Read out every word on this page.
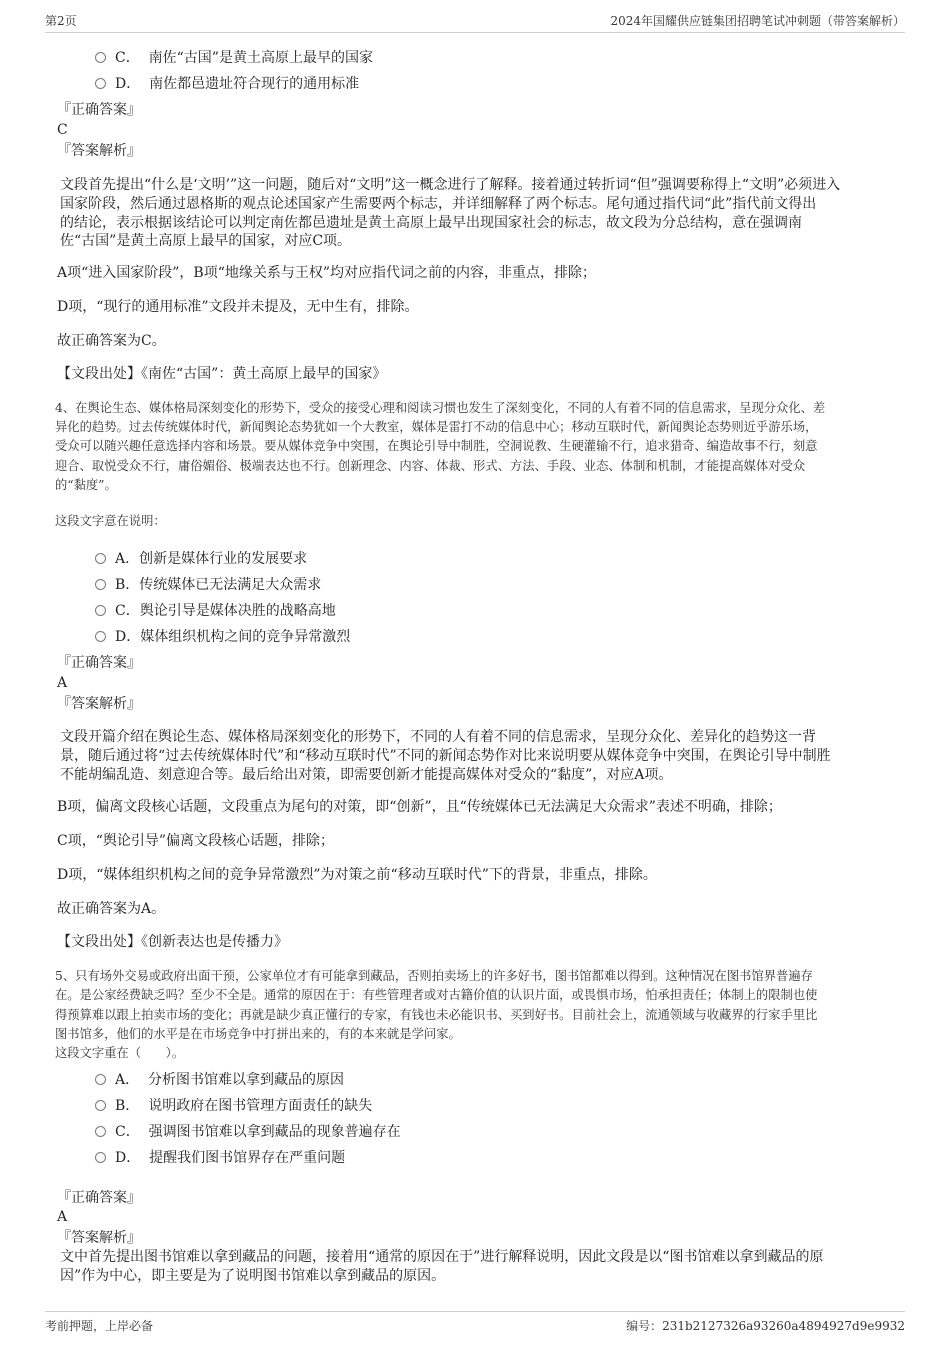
第2页	2024年国耀供应链集团招聘笔试冲刺题（带答案解析）
C． 南佐“古国”是黄土高原上最早的国家
D． 南佐都邑遗址符合现行的通用标准
『正确答案』
C
『答案解析』
文段首先提出“什么是‘文明’”这一问题，随后对“文明”这一概念进行了解释。接着通过转折词“但”强调要称得上“文明”必须进入
国家阶段，然后通过恩格斯的观点论述国家产生需要两个标志，并详细解释了两个标志。尾句通过指代词“此”指代前文得出
的结论，表示根据该结论可以判定南佐都邑遗址是黄土高原上最早出现国家社会的标志，故文段为分总结构，意在强调南
佐“古国”是黄土高原上最早的国家，对应C项。
A项“进入国家阶段”，B项“地缘关系与王权”均对应指代词之前的内容，非重点，排除；
D项，“现行的通用标准”文段并未提及，无中生有，排除。
故正确答案为C。
【文段出处】《南佐“古国”：黄土高原上最早的国家》
4、在舆论生态、媒体格局深刻变化的形势下，受众的接受心理和阅读习惯也发生了深刻变化，不同的人有着不同的信息需求，呈现分众化、差
异化的趋势。过去传统媒体时代，新闻舆论态势犹如一个大教室，媒体是雷打不动的信息中心；移动互联时代，新闻舆论态势则近乎游乐场，
受众可以随兴趣任意选择内容和场景。要从媒体竞争中突围，在舆论引导中制胜，空洞说教、生硬灌输不行，追求猎奇、编造故事不行，刻意
迎合、取悦受众不行，庸俗媚俗、极端表达也不行。创新理念、内容、体裁、形式、方法、手段、业态、体制和机制，才能提高媒体对受众
的“黏度”。
这段文字意在说明：
A．创新是媒体行业的发展要求
B．传统媒体已无法满足大众需求
C．舆论引导是媒体决胜的战略高地
D．媒体组织机构之间的竞争异常激烈
『正确答案』
A
『答案解析』
文段开篇介绍在舆论生态、媒体格局深刻变化的形势下，不同的人有着不同的信息需求，呈现分众化、差异化的趋势这一背
景，随后通过将“过去传统媒体时代”和“移动互联时代”不同的新闻态势作对比来说明要从媒体竞争中突围，在舆论引导中制胜
不能胡编乱造、刻意迎合等。最后给出对策，即需要创新才能提高媒体对受众的“黏度”，对应A项。
B项，偏离文段核心话题，文段重点为尾句的对策，即“创新”，且“传统媒体已无法满足大众需求”表述不明确，排除；
C项，“舆论引导”偏离文段核心话题，排除；
D项，“媒体组织机构之间的竞争异常激烈”为对策之前“移动互联时代”下的背景，非重点，排除。
故正确答案为A。
【文段出处】《创新表达也是传播力》
5、只有场外交易或政府出面干预，公家单位才有可能拿到藏品，否则拍卖场上的许多好书，图书馆都难以得到。这种情况在图书馆界普遍存
在。是公家经费缺乏吗？至少不全是。通常的原因在于：有些管理者或对古籍价值的认识片面，或畏惧市场，怕承担责任；体制上的限制也使
得预算难以跟上拍卖市场的变化；再就是缺少真正懂行的专家，有钱也未必能识书、买到好书。目前社会上，流通领域与收藏界的行家手里比
图书馆多，他们的水平是在市场竞争中打拼出来的，有的本来就是学问家。
这段文字重在（　　）。
A． 分析图书馆难以拿到藏品的原因
B． 说明政府在图书管理方面责任的缺失
C． 强调图书馆难以拿到藏品的现象普遍存在
D． 提醒我们图书馆界存在严重问题
『正确答案』
A
『答案解析』
文中首先提出图书馆难以拿到藏品的问题，接着用“通常的原因在于”进行解释说明，因此文段是以“图书馆难以拿到藏品的原
因”作为中心，即主要是为了说明图书馆难以拿到藏品的原因。
考前押题，上岸必备	编号：231b2127326a93260a4894927d9e9932
